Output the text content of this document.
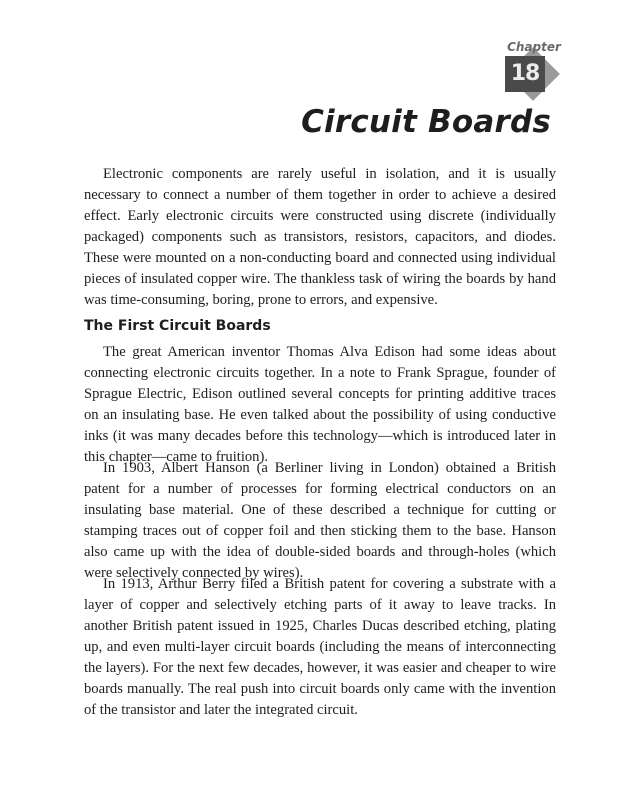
Chapter
18
Circuit Boards

Electronic components are rarely useful in isolation, and it is usually necessary to connect a number of them together in order to achieve a desired effect. Early electronic circuits were constructed using discrete (individually packaged) components such as transistors, resistors, capacitors, and diodes. These were mounted on a non-conducting board and connected using individual pieces of insulated copper wire. The thankless task of wiring the boards by hand was time-consuming, boring, prone to errors, and expensive.

The First Circuit Boards

The great American inventor Thomas Alva Edison had some ideas about connecting electronic circuits together. In a note to Frank Sprague, founder of Sprague Electric, Edison outlined several concepts for printing additive traces on an insulating base. He even talked about the possibility of using conductive inks (it was many decades before this technology—which is introduced later in this chapter—came to fruition).

In 1903, Albert Hanson (a Berliner living in London) obtained a British patent for a number of processes for forming electrical conductors on an insulating base material. One of these described a technique for cutting or stamping traces out of copper foil and then sticking them to the base. Hanson also came up with the idea of double-sided boards and through-holes (which were selectively connected by wires).

In 1913, Arthur Berry filed a British patent for covering a substrate with a layer of copper and selectively etching parts of it away to leave tracks. In another British patent issued in 1925, Charles Ducas described etching, plating up, and even multi-layer circuit boards (including the means of interconnecting the layers). For the next few decades, however, it was easier and cheaper to wire boards manually. The real push into circuit boards only came with the invention of the transistor and later the integrated circuit.
